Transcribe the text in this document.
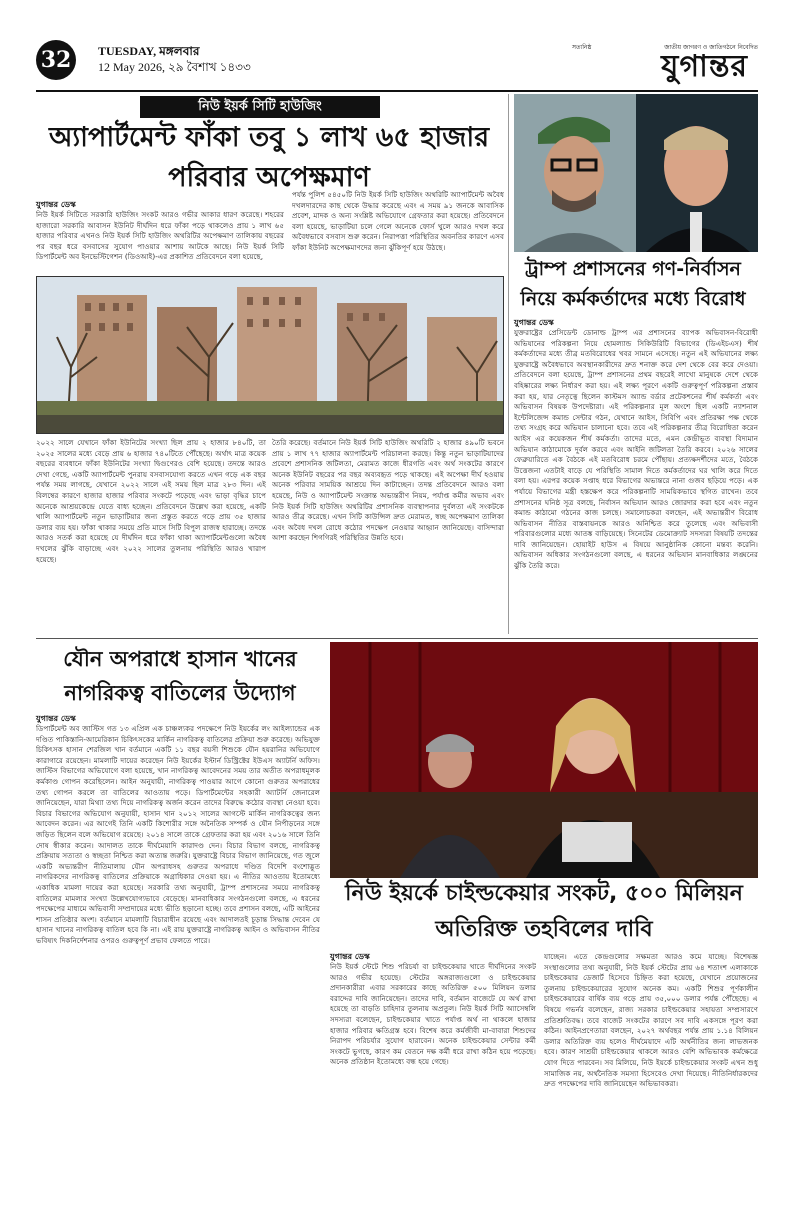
32	TUESDAY, মঙ্গলবার
12 May 2026, ২৯ বৈশাখ ১৪৩৩
সত্যনিষ্ঠ	জাতীয় জাগরণ ও জাতিগঠনে নিবেদিত
যুগান্তর
নিউ ইয়র্ক সিটি হাউজিং
অ্যাপার্টমেন্ট ফাঁকা তবু ১ লাখ ৬৫ হাজার পরিবার অপেক্ষমাণ
যুগান্তর ডেস্ক
নিউ ইয়র্ক সিটিতে সরকারি হাউজিং সংকট আরও গভীর আকার ধারণ করেছে। শহরের হাজারো সরকারি আবাসন ইউনিট দীর্ঘদিন ধরে ফাঁকা পড়ে থাকলেও প্রায় ১ লাখ ৬৫ হাজার পরিবার এখনও নিউ ইয়র্ক সিটি হাউজিং অথরিটির অপেক্ষমাণ তালিকায় বছরের পর বছর ধরে বসবাসের সুযোগ পাওয়ার আশায় আটকে আছে। নিউ ইয়র্ক সিটি ডিপার্টমেন্ট অব ইনভেস্টিগেশন (ডিওআই)-এর প্রকাশিত প্রতিবেদনে বলা হয়েছে,
পর্যন্ত পুলিশ ৫৪৫০টি নিউ ইয়র্ক সিটি হাউজিং অথরিটি অ্যাপার্টমেন্ট অবৈধ দখলদারদের কাছ থেকে উদ্ধার করেছে এবং এ সময় ৯১ জনকে আবাসিক প্রবেশ, মাদক ও অন্য সংশ্লিষ্ট অভিযোগে গ্রেফতার করা হয়েছে। প্রতিবেদনে বলা হয়েছে, ভাড়াটিয়া চলে গেলে অনেকে ফোর্স খুলে আরও দখল করে অবৈধভাবে বসবাস শুরু করেন। নিরাপত্তা পরিস্থিতির অবনতির কারণে এসব ফাঁকা ইউনিট অপেক্ষমাণদের জন্য ঝুঁকিপূর্ণ হয়ে উঠছে।
২০২২ সালে যেখানে ফাঁকা ইউনিটের সংখ্যা ছিল প্রায় ২ হাজার ৮৪০টি, তা ২০২৫ সালের মধ্যে বেড়ে প্রায় ৬ হাজার ৭৪০টিতে পৌঁছেছে। অর্থাৎ মাত্র কয়েক বছরের ব্যবধানে ফাঁকা ইউনিটের সংখ্যা দ্বিগুণেরও বেশি হয়েছে। তদন্তে আরও দেখা গেছে, একটি অ্যাপার্টমেন্ট পুনরায় বসবাসযোগ্য করতে এখন গড়ে এক বছর পর্যন্ত সময় লাগছে, যেখানে ২০২২ সালে এই সময় ছিল মাত্র ২৮৩ দিন। এই বিলম্বের কারণে হাজার হাজার পরিবার সংকটে পড়েছে এবং ভাড়া বৃদ্ধির চাপে অনেকে আশ্রয়কেন্দ্রে যেতে বাধ্য হচ্ছেন। প্রতিবেদনে উল্লেখ করা হয়েছে, একটি খালি অ্যাপার্টমেন্ট নতুন ভাড়াটিয়ার জন্য প্রস্তুত করতে গড়ে প্রায় ৩৫ হাজার ডলার ব্যয় হয়। ফাঁকা থাকার সময়ে প্রতি মাসে সিটি বিপুল রাজস্ব হারাচ্ছে। তদন্তে আরও সতর্ক করা হয়েছে যে দীর্ঘদিন ধরে ফাঁকা থাকা অ্যাপার্টমেন্টগুলো অবৈধ দখলের ঝুঁকি বাড়াচ্ছে এবং ২০২২ সালের তুলনায় পরিস্থিতি আরও খারাপ হয়েছে।
তৈরি করেছে। বর্তমানে নিউ ইয়র্ক সিটি হাউজিং অথরিটি ২ হাজার ৪৯০টি ভবনে প্রায় ১ লাখ ৭৭ হাজার অ্যাপার্টমেন্ট পরিচালনা করছে। কিন্তু নতুন ভাড়াটিয়াদের প্রবেশে প্রশাসনিক জটিলতা, মেরামত কাজে ধীরগতি এবং অর্থ সংকটের কারণে অনেক ইউনিট বছরের পর বছর অব্যবহৃত পড়ে থাকছে। এই অপেক্ষা দীর্ঘ হওয়ায় অনেক পরিবার সাময়িক আশ্রয়ে দিন কাটাচ্ছেন। তদন্ত প্রতিবেদনে আরও বলা হয়েছে, নিউ ও অ্যাপার্টমেন্ট সংক্রান্ত অভ্যন্তরীণ নিয়ম, পর্যাপ্ত কর্মীর অভাব এবং নিউ ইয়র্ক সিটি হাউজিং অথরিটির প্রশাসনিক ব্যবস্থাপনার দুর্বলতা এই সংকটকে আরও তীব্র করেছে। এখন সিটি কাউন্সিল দ্রুত মেরামত, স্বচ্ছ অপেক্ষমাণ তালিকা এবং অবৈধ দখল রোধে কঠোর পদক্ষেপ নেওয়ার আহ্বান জানিয়েছে। বাসিন্দারা আশা করছেন শিগগিরই পরিস্থিতির উন্নতি হবে।
ট্রাম্প প্রশাসনের গণ-নির্বাসন নিয়ে কর্মকর্তাদের মধ্যে বিরোধ
যুগান্তর ডেস্ক
যুক্তরাষ্ট্রের প্রেসিডেন্ট ডোনাল্ড ট্রাম্প এর প্রশাসনের ব্যাপক অভিবাসন-বিরোধী অভিযানের পরিকল্পনা নিয়ে হোমল্যান্ড সিকিউরিটি বিভাগের (ডিএইচএস) শীর্ষ কর্মকর্তাদের মধ্যে তীব্র মতবিরোধের খবর সামনে এসেছে। নতুন এই অভিযানের লক্ষ্য যুক্তরাষ্ট্রে অবৈধভাবে অবস্থানকারীদের দ্রুত শনাক্ত করে দেশ থেকে বের করে দেওয়া। প্রতিবেদনে বলা হয়েছে, ট্রাম্প প্রশাসনের প্রথম বছরেই লাখো মানুষকে দেশে থেকে বহিষ্কারের লক্ষ্য নির্ধারণ করা হয়। এই লক্ষ্য পূরণে একটি গুরুত্বপূর্ণ পরিকল্পনা প্রস্তাব করা হয়, যার নেতৃত্বে ছিলেন কাস্টমস অ্যান্ড বর্ডার প্রটেকশনের শীর্ষ কর্মকর্তা এবং অভিবাসন বিষয়ক উপদেষ্টারা। এই পরিকল্পনার মূল অংশে ছিল একটি ন্যাশনাল ইন্টেলিজেন্স কমান্ড সেন্টার গঠন, যেখানে আইস, সিবিপি এবং প্রতিরক্ষা পক্ষ থেকে তথ্য সংগ্রহ করে অভিযান চালানো হবে। তবে এই পরিকল্পনার তীব্র বিরোধিতা করেন আইস এর কয়েকজন শীর্ষ কর্মকর্তা। তাদের মতে, এমন কেন্দ্রীভূত ব্যবস্থা বিদ্যমান অভিযান কাঠামোকে দুর্বল করবে এবং আইনি জটিলতা তৈরি করবে। ২০২৬ সালের ফেব্রুয়ারিতে এক বৈঠকে এই মতবিরোধ চরমে পৌঁছায়। প্রত্যক্ষদর্শীদের মতে, বৈঠকে উত্তেজনা এতটাই বাড়ে যে পরিস্থিতি সামাল দিতে কর্মকর্তাদের ঘর খালি করে দিতে বলা হয়। এরপর কয়েক সপ্তাহ ধরে বিভাগের অভ্যন্তরে নানা গুজব ছড়িয়ে পড়ে। এক পর্যায়ে বিভাগের মন্ত্রী হস্তক্ষেপ করে পরিকল্পনাটি সাময়িকভাবে স্থগিত রাখেন। তবে প্রশাসনের ঘনিষ্ঠ সূত্র বলছে, নির্বাসন অভিযান আরও জোরদার করা হবে এবং নতুন কমান্ড কাঠামো গঠনের কাজ চলছে। সমালোচকরা বলছেন, এই অভ্যন্তরীণ বিরোধ অভিবাসন নীতির বাস্তবায়নকে আরও অনিশ্চিত করে তুলেছে এবং অভিবাসী পরিবারগুলোর মধ্যে আতঙ্ক বাড়িয়েছে। সিনেটের ডেমোক্র্যাট সদস্যরা বিষয়টি তদন্তের দাবি জানিয়েছেন। হোয়াইট হাউস এ বিষয়ে আনুষ্ঠানিক কোনো মন্তব্য করেনি। অভিবাসন অধিকার সংগঠনগুলো বলছে, এ ধরনের অভিযান মানবাধিকার লঙ্ঘনের ঝুঁকি তৈরি করে।
যৌন অপরাধে হাসান খানের নাগরিকত্ব বাতিলের উদ্যোগ
যুগান্তর ডেস্ক
ডিপার্টমেন্ট অব জাস্টিস গত ১৩ এপ্রিল এক চাঞ্চল্যকর পদক্ষেপে নিউ ইয়র্কের লং আইল্যান্ডের এক দণ্ডিত পাকিস্তানি-আমেরিকান চিকিৎসকের মার্কিন নাগরিকত্ব বাতিলের প্রক্রিয়া শুরু করেছে। অভিযুক্ত চিকিৎসক হাসান শেরজিল খান বর্তমানে একটি ১১ বছর বয়সী শিশুকে যৌন হয়রানির অভিযোগে কারাগারে রয়েছেন। মামলাটি দায়ের করেছেন নিউ ইয়র্কের ইস্টার্ন ডিস্ট্রিক্টের ইউএস অ্যাটর্নি অফিস। জাস্টিস বিভাগের অভিযোগে বলা হয়েছে, খান নাগরিকত্ব আবেদনের সময় তার অতীত অপরাধমূলক কর্মকাণ্ড গোপন করেছিলেন। আইন অনুযায়ী, নাগরিকত্ব পাওয়ার আগে কোনো গুরুতর অপরাধের তথ্য গোপন করলে তা বাতিলের আওতায় পড়ে। ডিপার্টমেন্টের সহকারী অ্যাটর্নি জেনারেল জানিয়েছেন, যারা মিথ্যা তথ্য দিয়ে নাগরিকত্ব অর্জন করেন তাদের বিরুদ্ধে কঠোর ব্যবস্থা নেওয়া হবে। বিচার বিভাগের অভিযোগ অনুযায়ী, হাসান খান ২০১২ সালের আগস্টে মার্কিন নাগরিকত্বের জন্য আবেদন করেন। এর আগেই তিনি একটি কিশোরীর সঙ্গে অনৈতিক সম্পর্ক ও যৌন নিপীড়নের সঙ্গে জড়িত ছিলেন বলে অভিযোগ রয়েছে। ২০১৪ সালে তাকে গ্রেফতার করা হয় এবং ২০১৬ সালে তিনি দোষ স্বীকার করেন। আদালত তাকে দীর্ঘমেয়াদি কারাদণ্ড দেন। বিচার বিভাগ বলছে, নাগরিকত্ব প্রক্রিয়ায় সত্যতা ও স্বচ্ছতা নিশ্চিত করা অত্যন্ত জরুরি। যুক্তরাষ্ট্রে বিচার বিভাগ জানিয়েছে, গত জুলে একটি অভ্যন্তরীণ নীতিমালায় যৌন অপরাধসহ গুরুতর অপরাধে দণ্ডিত বিদেশি বংশোদ্ভূত নাগরিকদের নাগরিকত্ব বাতিলের প্রক্রিয়াকে অগ্রাধিকার দেওয়া হয়। এ নীতির আওতায় ইতোমধ্যে একাধিক মামলা দায়ের করা হয়েছে। সরকারি তথ্য অনুযায়ী, ট্রাম্প প্রশাসনের সময়ে নাগরিকত্ব বাতিলের মামলার সংখ্যা উল্লেখযোগ্যভাবে বেড়েছে। মানবাধিকার সংগঠনগুলো বলছে, এ ধরনের পদক্ষেপের মাধ্যমে অভিবাসী সম্প্রদায়ের মধ্যে ভীতি ছড়ানো হচ্ছে। তবে প্রশাসন বলছে, এটি আইনের শাসন প্রতিষ্ঠার অংশ। বর্তমানে মামলাটি বিচারাধীন রয়েছে এবং আদালতই চূড়ান্ত সিদ্ধান্ত দেবেন যে হাসান খানের নাগরিকত্ব বাতিল হবে কি না। এই রায় যুক্তরাষ্ট্রে নাগরিকত্ব আইন ও অভিবাসন নীতির ভবিষ্যৎ দিকনির্দেশনার ওপরও গুরুত্বপূর্ণ প্রভাব ফেলতে পারে।
নিউ ইয়র্কে চাইল্ডকেয়ার সংকট, ৫০০ মিলিয়ন অতিরিক্ত তহবিলের দাবি
যুগান্তর ডেস্ক
নিউ ইয়র্ক স্টেটে শিশু পরিচর্যা বা চাইল্ডকেয়ার খাতে দীর্ঘদিনের সংকট আরও গভীর হয়েছে। স্টেটের অঙ্গরাজ্যগুলো ও চাইল্ডকেয়ার প্রদানকারীরা এবার সরকারের কাছে অতিরিক্ত ৫০০ মিলিয়ন ডলার বরাদ্দের দাবি জানিয়েছেন। তাদের দাবি, বর্তমান বাজেটে যে অর্থ রাখা হয়েছে তা বাড়তি চাহিদার তুলনায় অপ্রতুল। নিউ ইয়র্ক সিটি অ্যাসেম্বলি সদস্যরা বলেছেন, চাইল্ডকেয়ার খাতে পর্যাপ্ত অর্থ না থাকলে হাজার হাজার পরিবার ক্ষতিগ্রস্ত হবে। বিশেষ করে কর্মজীবী মা-বাবারা শিশুদের নিরাপদ পরিচর্যার সুযোগ হারাবেন। অনেক চাইল্ডকেয়ার সেন্টার কর্মী সংকটে ভুগছে, কারণ কম বেতনে দক্ষ কর্মী ধরে রাখা কঠিন হয়ে পড়েছে। অনেক প্রতিষ্ঠান ইতোমধ্যে বন্ধ হয়ে গেছে।
যাচ্ছেন। এতে কেন্দ্রগুলোর সক্ষমতা আরও কমে যাচ্ছে। বিশেষজ্ঞ সংস্থাগুলোর তথ্য অনুযায়ী, নিউ ইয়র্ক স্টেটের প্রায় ৬৪ শতাংশ এলাকাকে চাইল্ডকেয়ার ডেজার্ট হিসেবে চিহ্নিত করা হয়েছে, যেখানে প্রয়োজনের তুলনায় চাইল্ডকেয়ারের সুযোগ অনেক কম। একটি শিশুর পূর্ণকালীন চাইল্ডকেয়ারের বার্ষিক ব্যয় গড়ে প্রায় ৩৫,০০০ ডলার পর্যন্ত পৌঁছেছে। এ বিষয়ে গভর্নর বলেছেন, রাজ্য সরকার চাইল্ডকেয়ার সহায়তা সম্প্রসারণে প্রতিশ্রুতিবদ্ধ। তবে বাজেট সংকটের কারণে সব দাবি একসঙ্গে পূরণ করা কঠিন। আইনপ্রণেতারা বলছেন, ২০২৭ অর্থবছর পর্যন্ত প্রায় ১.১৪ বিলিয়ন ডলার অতিরিক্ত ব্যয় হলেও দীর্ঘমেয়াদে এটি অর্থনীতির জন্য লাভজনক হবে। কারণ সাশ্রয়ী চাইল্ডকেয়ার থাকলে আরও বেশি অভিভাবক কর্মক্ষেত্রে যোগ দিতে পারবেন। সব মিলিয়ে, নিউ ইয়র্কে চাইল্ডকেয়ার সংকট এখন শুধু সামাজিক নয়, অর্থনৈতিক সমস্যা হিসেবেও দেখা দিয়েছে। নীতিনির্ধারকদের দ্রুত পদক্ষেপের দাবি জানিয়েছেন অভিভাবকরা।
